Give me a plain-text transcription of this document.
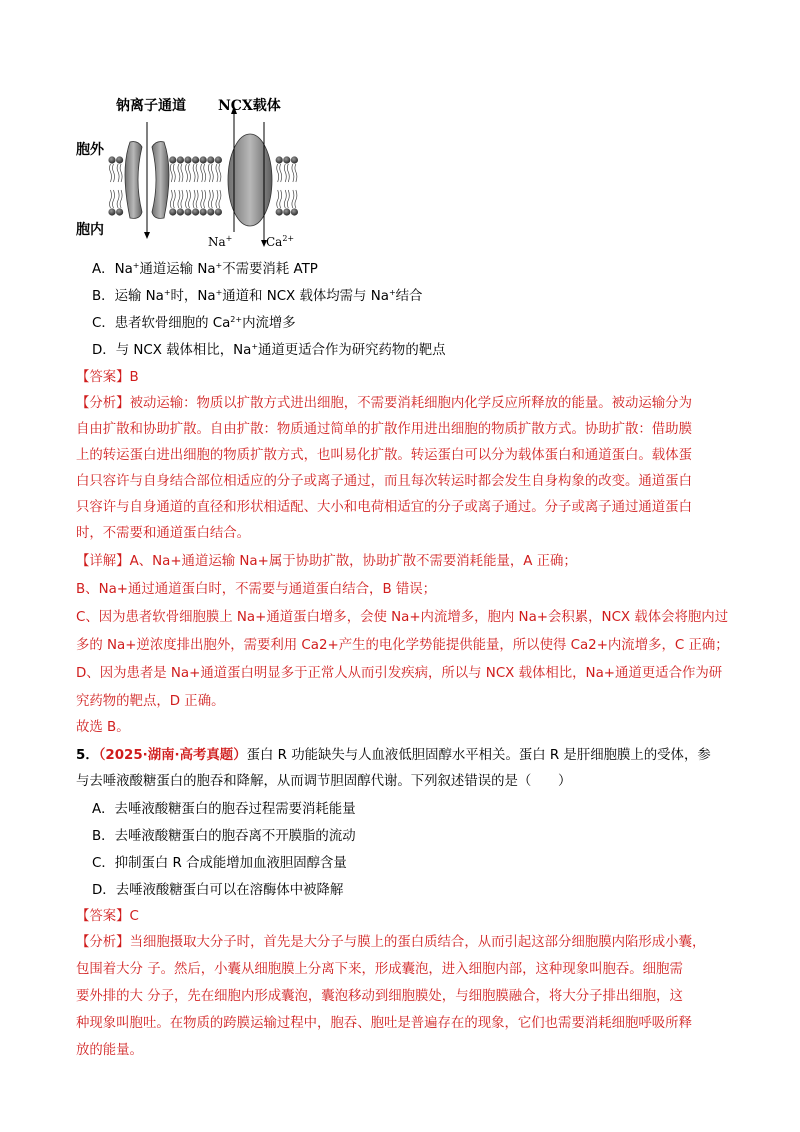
钠离子通道 NCX载体
胞外
胞内
Na+	$Ca^{2+}$
A．Na+通道运输 Na+不需要消耗 ATP
B．运输 Na+时，Na+通道和 NCX 载体均需与 Na+结合
C．患者软骨细胞的 $Ca^{2+}$内流增多
D．与 NCX 载体相比，Na+通道更适合作为研究药物的靶点
【答案】B
【分析】被动运输：物质以扩散方式进出细胞，不需要消耗细胞内化学反应所释放的能量。被动运输分为
自由扩散和协助扩散。自由扩散：物质通过简单的扩散作用进出细胞的物质扩散方式。协助扩散：借助膜
上的转运蛋白进出细胞的物质扩散方式，也叫易化扩散。转运蛋白可以分为载体蛋白和通道蛋白。载体蛋
白只容许与自身结合部位相适应的分子或离子通过，而且每次转运时都会发生自身构象的改变。通道蛋白
只容许与自身通道的直径和形状相适配、大小和电荷相适宜的分子或离子通过。分子或离子通过通道蛋白
时，不需要和通道蛋白结合。
【详解】A、Na+通道运输 Na+属于协助扩散，协助扩散不需要消耗能量，A 正确；
B、Na+通过通道蛋白时，不需要与通道蛋白结合，B 错误；
C、因为患者软骨细胞膜上 Na+通道蛋白增多，会使 Na+内流增多，胞内 Na+会积累，NCX 载体会将胞内过
多的 Na+逆浓度排出胞外，需要利用 Ca2+产生的电化学势能提供能量，所以使得 Ca2+内流增多，C 正确；
D、因为患者是 Na+通道蛋白明显多于正常人从而引发疾病，所以与 NCX 载体相比，Na+通道更适合作为研
究药物的靶点，D 正确。
故选 B。
5．（2025·湖南·高考真题）蛋白 R 功能缺失与人血液低胆固醇水平相关。蛋白 R 是肝细胞膜上的受体，参
与去唾液酸糖蛋白的胞吞和降解，从而调节胆固醇代谢。下列叙述错误的是（　　）
A．去唾液酸糖蛋白的胞吞过程需要消耗能量
B．去唾液酸糖蛋白的胞吞离不开膜脂的流动
C．抑制蛋白 R 合成能增加血液胆固醇含量
D．去唾液酸糖蛋白可以在溶酶体中被降解
【答案】C
【分析】当细胞摄取大分子时，首先是大分子与膜上的蛋白质结合，从而引起这部分细胞膜内陷形成小囊，
包围着大分 子。然后，小囊从细胞膜上分离下来，形成囊泡，进入细胞内部，这种现象叫胞吞。细胞需
要外排的大 分子，先在细胞内形成囊泡，囊泡移动到细胞膜处，与细胞膜融合，将大分子排出细胞，这
种现象叫胞吐。在物质的跨膜运输过程中，胞吞、胞吐是普遍存在的现象，它们也需要消耗细胞呼吸所释
放的能量。
